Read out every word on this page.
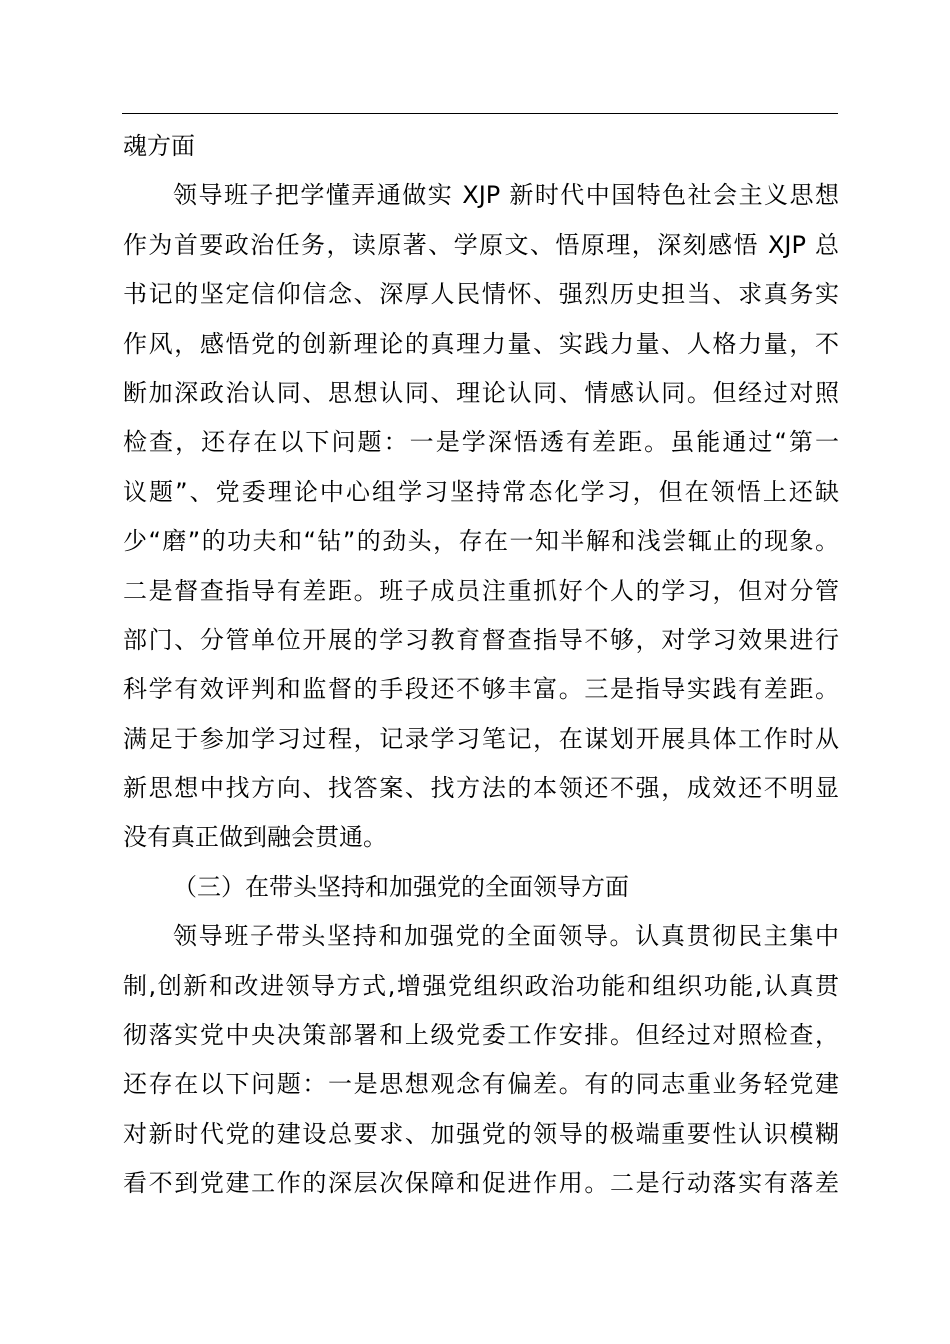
魂方面
领导班子把学懂弄通做实 XJP 新时代中国特色社会主义思想
作为首要政治任务，读原著、学原文、悟原理，深刻感悟 XJP 总
书记的坚定信仰信念、深厚人民情怀、强烈历史担当、求真务实
作风，感悟党的创新理论的真理力量、实践力量、人格力量，不
断加深政治认同、思想认同、理论认同、情感认同。但经过对照
检查，还存在以下问题：一是学深悟透有差距。虽能通过“第一
议题”、党委理论中心组学习坚持常态化学习，但在领悟上还缺
少“磨”的功夫和“钻”的劲头，存在一知半解和浅尝辄止的现象。
二是督查指导有差距。班子成员注重抓好个人的学习，但对分管
部门、分管单位开展的学习教育督查指导不够，对学习效果进行
科学有效评判和监督的手段还不够丰富。三是指导实践有差距。
满足于参加学习过程，记录学习笔记，在谋划开展具体工作时从
新思想中找方向、找答案、找方法的本领还不强，成效还不明显
没有真正做到融会贯通。
（三）在带头坚持和加强党的全面领导方面
领导班子带头坚持和加强党的全面领导。认真贯彻民主集中
制,创新和改进领导方式,增强党组织政治功能和组织功能,认真贯
彻落实党中央决策部署和上级党委工作安排。但经过对照检查，
还存在以下问题：一是思想观念有偏差。有的同志重业务轻党建
对新时代党的建设总要求、加强党的领导的极端重要性认识模糊
看不到党建工作的深层次保障和促进作用。二是行动落实有落差
